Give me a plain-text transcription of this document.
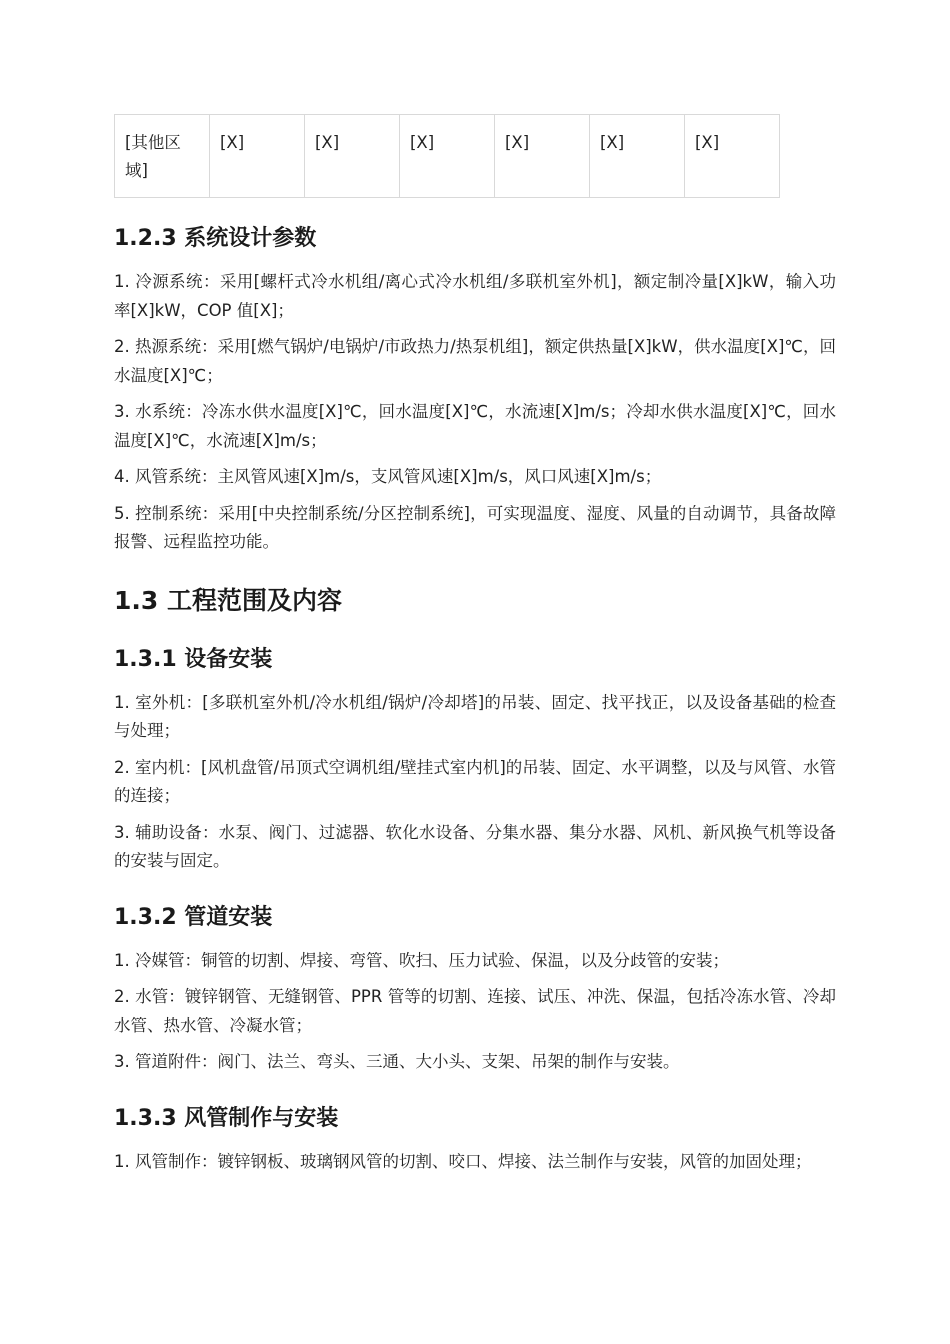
[其他区域]	[X]	[X]	[X]	[X]	[X]	[X]
1.2.3 系统设计参数

1. 冷源系统：采用[螺杆式冷水机组/离心式冷水机组/多联机室外机]，额定制冷量[X]kW，输入功率[X]kW，COP 值[X]；

2. 热源系统：采用[燃气锅炉/电锅炉/市政热力/热泵机组]，额定供热量[X]kW，供水温度[X]℃，回水温度[X]℃；

3. 水系统：冷冻水供水温度[X]℃，回水温度[X]℃，水流速[X]m/s；冷却水供水温度[X]℃，回水温度[X]℃，水流速[X]m/s；

4. 风管系统：主风管风速[X]m/s，支风管风速[X]m/s，风口风速[X]m/s；

5. 控制系统：采用[中央控制系统/分区控制系统]，可实现温度、湿度、风量的自动调节，具备故障报警、远程监控功能。

1.3 工程范围及内容
1.3.1 设备安装

1. 室外机：[多联机室外机/冷水机组/锅炉/冷却塔]的吊装、固定、找平找正，以及设备基础的检查与处理；

2. 室内机：[风机盘管/吊顶式空调机组/壁挂式室内机]的吊装、固定、水平调整，以及与风管、水管的连接；

3. 辅助设备：水泵、阀门、过滤器、软化水设备、分集水器、集分水器、风机、新风换气机等设备的安装与固定。

1.3.2 管道安装

1. 冷媒管：铜管的切割、焊接、弯管、吹扫、压力试验、保温，以及分歧管的安装；

2. 水管：镀锌钢管、无缝钢管、PPR 管等的切割、连接、试压、冲洗、保温，包括冷冻水管、冷却水管、热水管、冷凝水管；

3. 管道附件：阀门、法兰、弯头、三通、大小头、支架、吊架的制作与安装。

1.3.3 风管制作与安装

1. 风管制作：镀锌钢板、玻璃钢风管的切割、咬口、焊接、法兰制作与安装，风管的加固处理；
